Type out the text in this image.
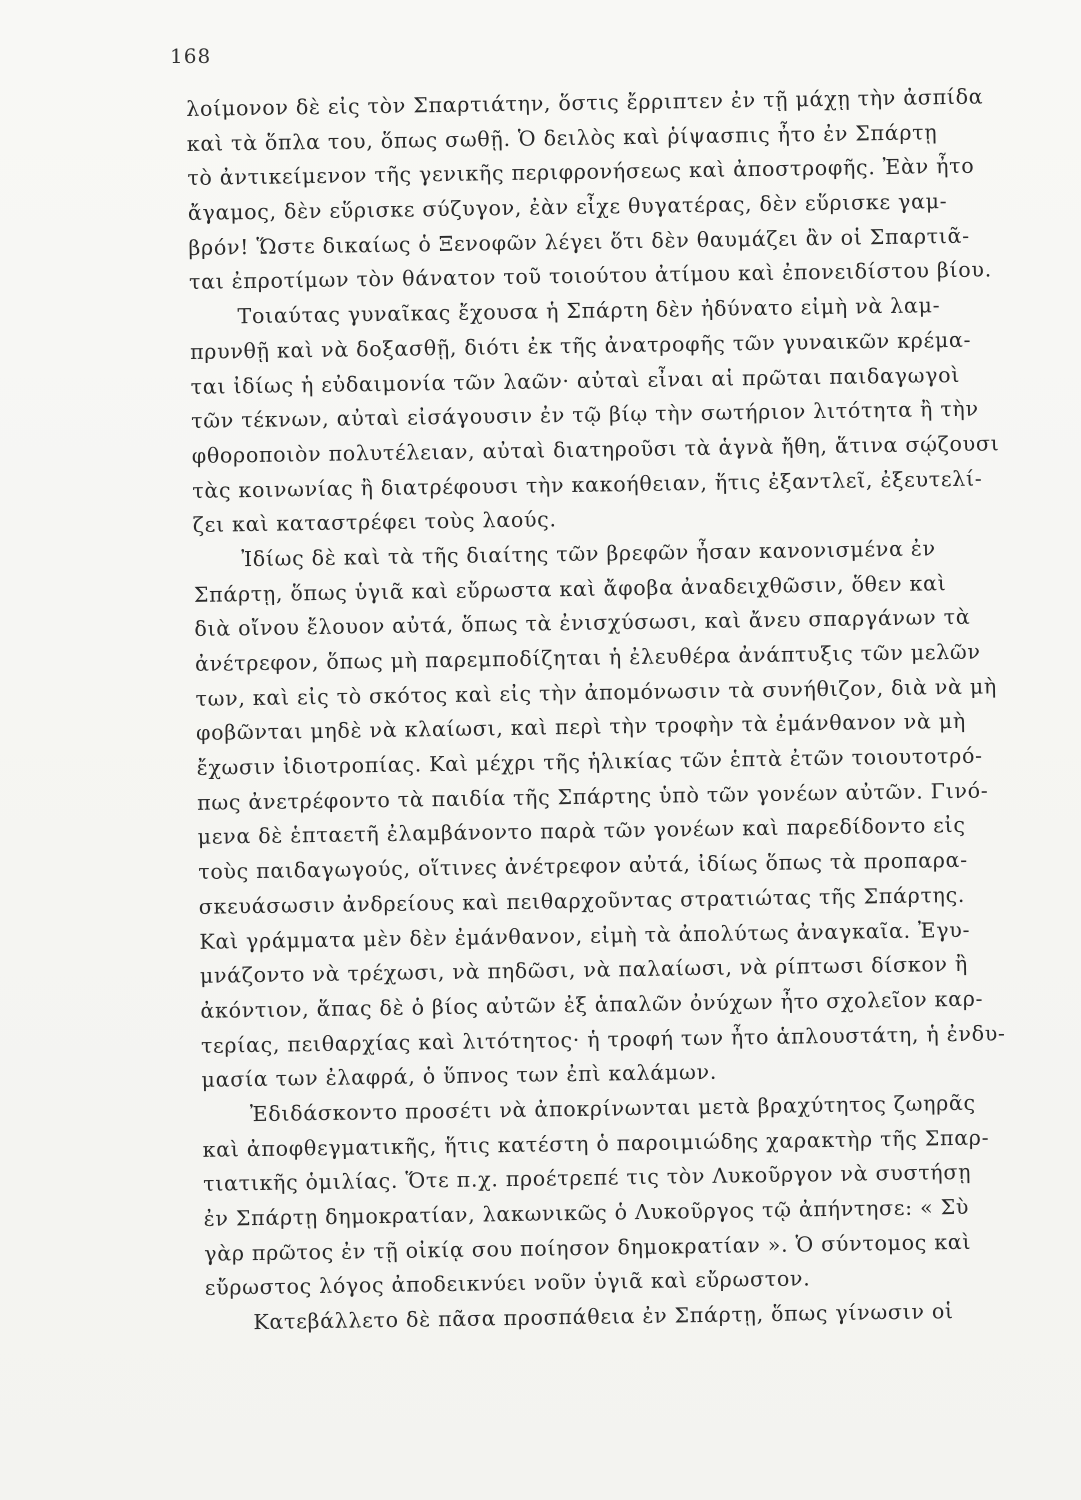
168
λοίμονον δὲ εἰς τὸν Σπαρτιάτην, ὅστις ἔρριπτεν ἐν τῇ μάχῃ τὴν ἀσπίδα
καὶ τὰ ὅπλα του, ὅπως σωθῇ. Ὁ δειλὸς καὶ ῥίψασπις ἦτο ἐν Σπάρτῃ
τὸ ἀντικείμενον τῆς γενικῆς περιφρονήσεως καὶ ἀποστροφῆς. Ἐὰν ἦτο
ἄγαμος, δὲν εὕρισκε σύζυγον, ἐὰν εἶχε θυγατέρας, δὲν εὕρισκε γαμ-
βρόν! Ὥστε δικαίως ὁ Ξενοφῶν λέγει ὅτι δὲν θαυμάζει ἂν οἱ Σπαρτιᾶ-
ται ἐπροτίμων τὸν θάνατον τοῦ τοιούτου ἀτίμου καὶ ἐπονειδίστου βίου.
Τοιαύτας γυναῖκας ἔχουσα ἡ Σπάρτη δὲν ἠδύνατο εἰμὴ νὰ λαμ-
πρυνθῇ καὶ νὰ δοξασθῇ, διότι ἐκ τῆς ἀνατροφῆς τῶν γυναικῶν κρέμα-
ται ἰδίως ἡ εὐδαιμονία τῶν λαῶν· αὐταὶ εἶναι αἱ πρῶται παιδαγωγοὶ
τῶν τέκνων, αὐταὶ εἰσάγουσιν ἐν τῷ βίῳ τὴν σωτήριον λιτότητα ἢ τὴν
φθοροποιὸν πολυτέλειαν, αὐταὶ διατηροῦσι τὰ ἁγνὰ ἤθη, ἅτινα σῴζουσι
τὰς κοινωνίας ἢ διατρέφουσι τὴν κακοήθειαν, ἥτις ἐξαντλεῖ, ἐξευτελί-
ζει καὶ καταστρέφει τοὺς λαούς.
Ἰδίως δὲ καὶ τὰ τῆς διαίτης τῶν βρεφῶν ἦσαν κανονισμένα ἐν
Σπάρτῃ, ὅπως ὑγιᾶ καὶ εὔρωστα καὶ ἄφοβα ἀναδειχθῶσιν, ὅθεν καὶ
διὰ οἴνου ἔλουον αὐτά, ὅπως τὰ ἐνισχύσωσι, καὶ ἄνευ σπαργάνων τὰ
ἀνέτρεφον, ὅπως μὴ παρεμποδίζηται ἡ ἐλευθέρα ἀνάπτυξις τῶν μελῶν
των, καὶ εἰς τὸ σκότος καὶ εἰς τὴν ἀπομόνωσιν τὰ συνήθιζον, διὰ νὰ μὴ
φοβῶνται μηδὲ νὰ κλαίωσι, καὶ περὶ τὴν τροφὴν τὰ ἐμάνθανον νὰ μὴ
ἔχωσιν ἰδιοτροπίας. Καὶ μέχρι τῆς ἡλικίας τῶν ἑπτὰ ἐτῶν τοιουτοτρό-
πως ἀνετρέφοντο τὰ παιδία τῆς Σπάρτης ὑπὸ τῶν γονέων αὐτῶν. Γινό-
μενα δὲ ἑπταετῆ ἐλαμβάνοντο παρὰ τῶν γονέων καὶ παρεδίδοντο εἰς
τοὺς παιδαγωγούς, οἵτινες ἀνέτρεφον αὐτά, ἰδίως ὅπως τὰ προπαρα-
σκευάσωσιν ἀνδρείους καὶ πειθαρχοῦντας στρατιώτας τῆς Σπάρτης.
Καὶ γράμματα μὲν δὲν ἐμάνθανον, εἰμὴ τὰ ἀπολύτως ἀναγκαῖα. Ἐγυ-
μνάζοντο νὰ τρέχωσι, νὰ πηδῶσι, νὰ παλαίωσι, νὰ ρίπτωσι δίσκον ἢ
ἀκόντιον, ἅπας δὲ ὁ βίος αὐτῶν ἐξ ἁπαλῶν ὀνύχων ἦτο σχολεῖον καρ-
τερίας, πειθαρχίας καὶ λιτότητος· ἡ τροφή των ἦτο ἁπλουστάτη, ἡ ἐνδυ-
μασία των ἐλαφρά, ὁ ὕπνος των ἐπὶ καλάμων.
Ἐδιδάσκοντο προσέτι νὰ ἀποκρίνωνται μετὰ βραχύτητος ζωηρᾶς
καὶ ἀποφθεγματικῆς, ἥτις κατέστη ὁ παροιμιώδης χαρακτὴρ τῆς Σπαρ-
τιατικῆς ὁμιλίας. Ὅτε π.χ. προέτρεπέ τις τὸν Λυκοῦργον νὰ συστήσῃ
ἐν Σπάρτῃ δημοκρατίαν, λακωνικῶς ὁ Λυκοῦργος τῷ ἀπήντησε: « Σὺ
γὰρ πρῶτος ἐν τῇ οἰκίᾳ σου ποίησον δημοκρατίαν ». Ὁ σύντομος καὶ
εὔρωστος λόγος ἀποδεικνύει νοῦν ὑγιᾶ καὶ εὔρωστον.
Κατεβάλλετο δὲ πᾶσα προσπάθεια ἐν Σπάρτῃ, ὅπως γίνωσιν οἱ
